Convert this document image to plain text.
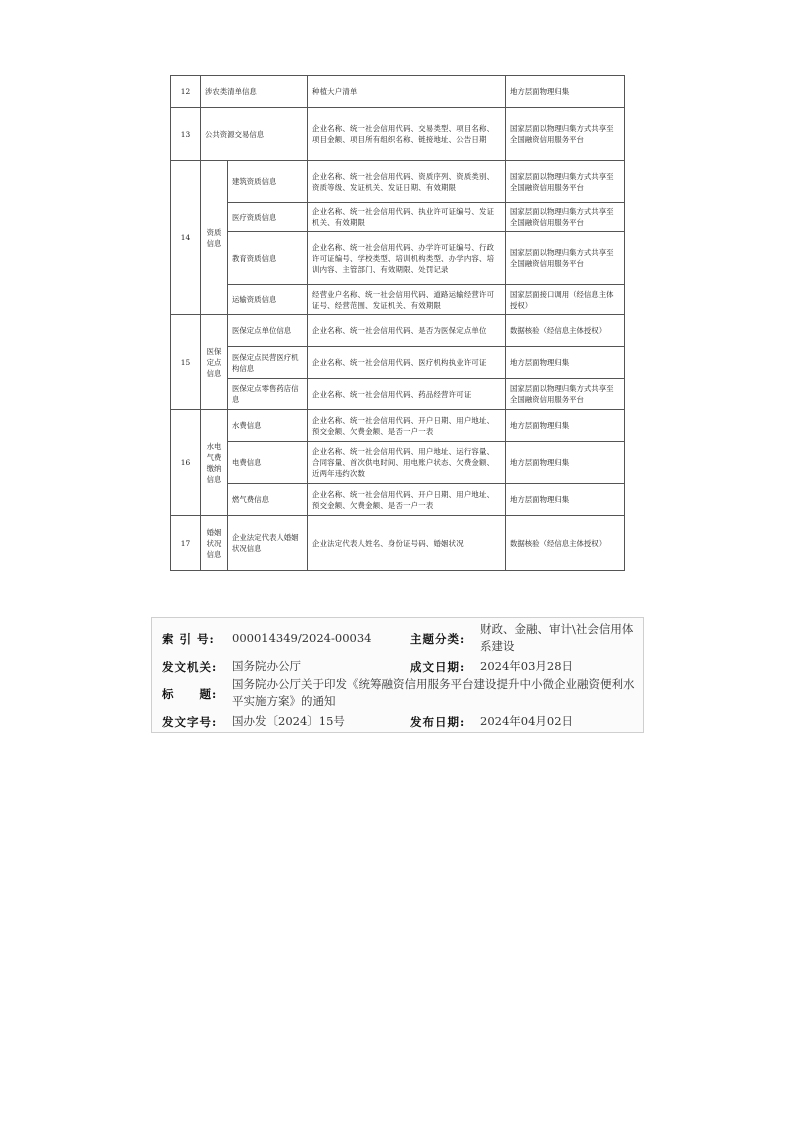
12	涉农类清单信息		种植大户清单	地方层面物理归集
13	公共资源交易信息		企业名称、统一社会信用代码、交易类型、项目名称、项目金额、项目所有组织名称、链接地址、公告日期	国家层面以物理归集方式共享至全国融资信用服务平台
14	资质信息	建筑资质信息	企业名称、统一社会信用代码、资质序列、资质类别、资质等级、发证机关、发证日期、有效期限	国家层面以物理归集方式共享至全国融资信用服务平台
		医疗资质信息	企业名称、统一社会信用代码、执业许可证编号、发证机关、有效期限	国家层面以物理归集方式共享至全国融资信用服务平台
		教育资质信息	企业名称、统一社会信用代码、办学许可证编号、行政许可证编号、学校类型、培训机构类型、办学内容、培训内容、主管部门、有效期限、处罚记录	国家层面以物理归集方式共享至全国融资信用服务平台
		运输资质信息	经营业户名称、统一社会信用代码、道路运输经营许可证号、经营范围、发证机关、有效期限	国家层面接口调用（经信息主体授权）
15	医保定点信息	医保定点单位信息	企业名称、统一社会信用代码、是否为医保定点单位	数据核验（经信息主体授权）
		医保定点民营医疗机构信息	企业名称、统一社会信用代码、医疗机构执业许可证	地方层面物理归集
		医保定点零售药店信息	企业名称、统一社会信用代码、药品经营许可证	国家层面以物理归集方式共享至全国融资信用服务平台
16	水电气费缴纳信息	水费信息	企业名称、统一社会信用代码、开户日期、用户地址、预交金额、欠费金额、是否一户一表	地方层面物理归集
		电费信息	企业名称、统一社会信用代码、用户地址、运行容量、合同容量、首次供电时间、用电账户状态、欠费金额、近两年违约次数	地方层面物理归集
		燃气费信息	企业名称、统一社会信用代码、开户日期、用户地址、预交金额、欠费金额、是否一户一表	地方层面物理归集
17	婚姻状况信息	企业法定代表人婚姻状况信息	企业法定代表人姓名、身份证号码、婚姻状况	数据核验（经信息主体授权）
索 引 号: 000014349/2024-00034	主题分类:
财政、金融、审计\社会信用体系建设
发文机关: 国务院办公厅	成文日期: 2024年03月28日
标　　题:
国务院办公厅关于印发《统筹融资信用服务平台建设提升中小微企业融资便利水平实施方案》的通知
发文字号: 国办发〔2024〕15号	发布日期: 2024年04月02日
